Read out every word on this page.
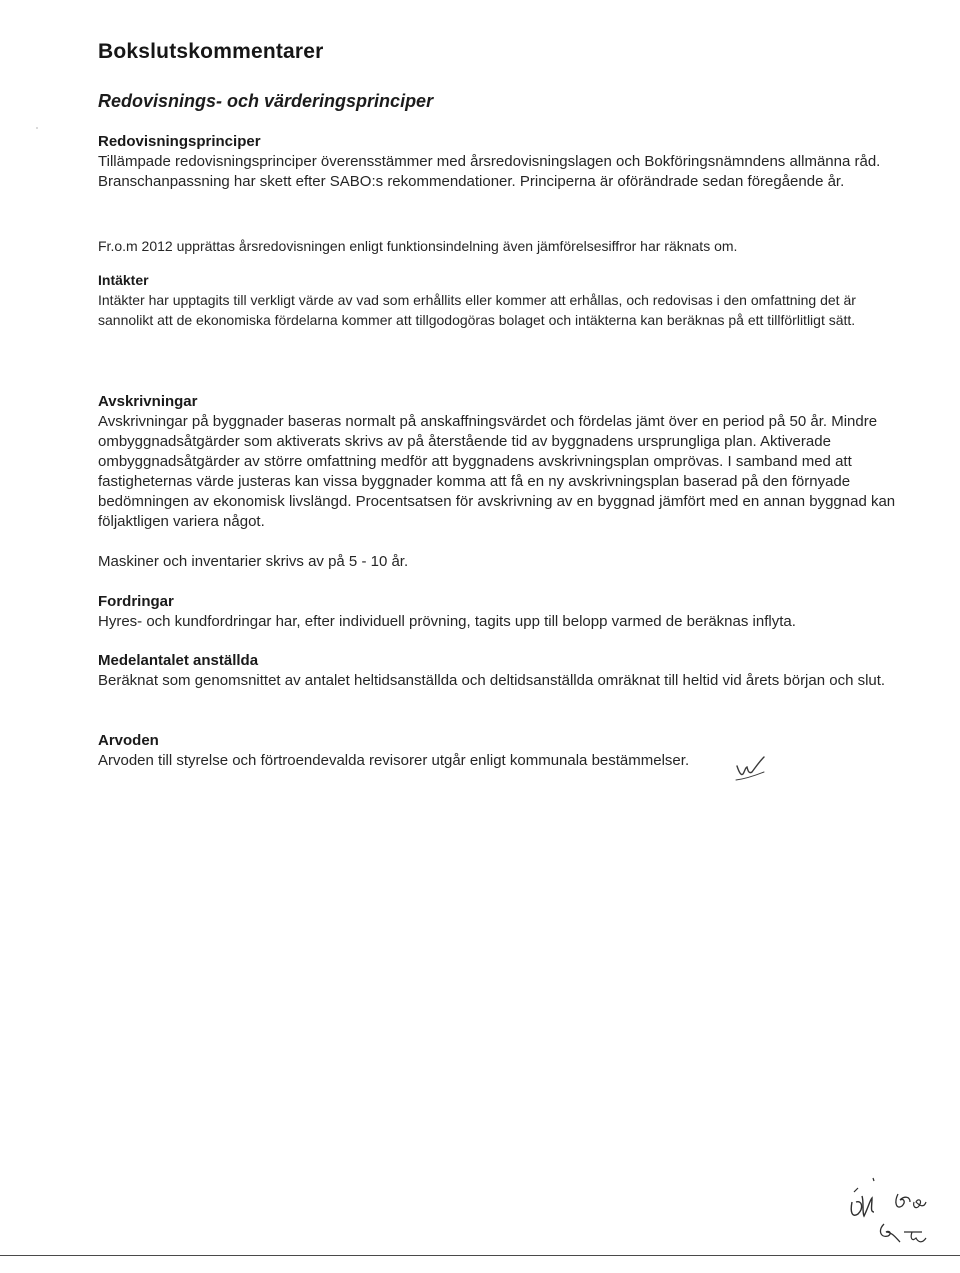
Bokslutskommentarer
Redovisnings- och värderingsprinciper
Redovisningsprinciper

Tillämpade redovisningsprinciper överensstämmer med årsredovisningslagen och Bokföringsnämndens allmänna råd. Branschanpassning har skett efter SABO:s rekommendationer. Principerna är oförändrade sedan föregående år.

Fr.o.m 2012 upprättas årsredovisningen enligt funktionsindelning även jämförelsesiffror har räknats om.

Intäkter

Intäkter har upptagits till verkligt värde av vad som erhållits eller kommer att erhållas, och redovisas i den omfattning det är sannolikt att de ekonomiska fördelarna kommer att tillgodogöras bolaget och intäkterna kan beräknas på ett tillförlitligt sätt.

Avskrivningar

Avskrivningar på byggnader baseras normalt på anskaffningsvärdet och fördelas jämt över en period på 50 år. Mindre ombyggnadsåtgärder som aktiverats skrivs av på återstående tid av byggnadens ursprungliga plan. Aktiverade ombyggnadsåtgärder av större omfattning medför att byggnadens avskrivningsplan omprövas. I samband med att fastigheternas värde justeras kan vissa byggnader komma att få en ny avskrivningsplan baserad på den förnyade bedömningen av ekonomisk livslängd. Procentsatsen för avskrivning av en byggnad jämfört med en annan byggnad kan följaktligen variera något.

Maskiner och inventarier skrivs av på 5 - 10 år.

Fordringar

Hyres- och kundfordringar har, efter individuell prövning, tagits upp till belopp varmed de beräknas inflyta.

Medelantalet anställda

Beräknat som genomsnittet av antalet heltidsanställda och deltidsanställda omräknat till heltid vid årets början och slut.

Arvoden

Arvoden till styrelse och förtroendevalda revisorer utgår enligt kommunala bestämmelser.
